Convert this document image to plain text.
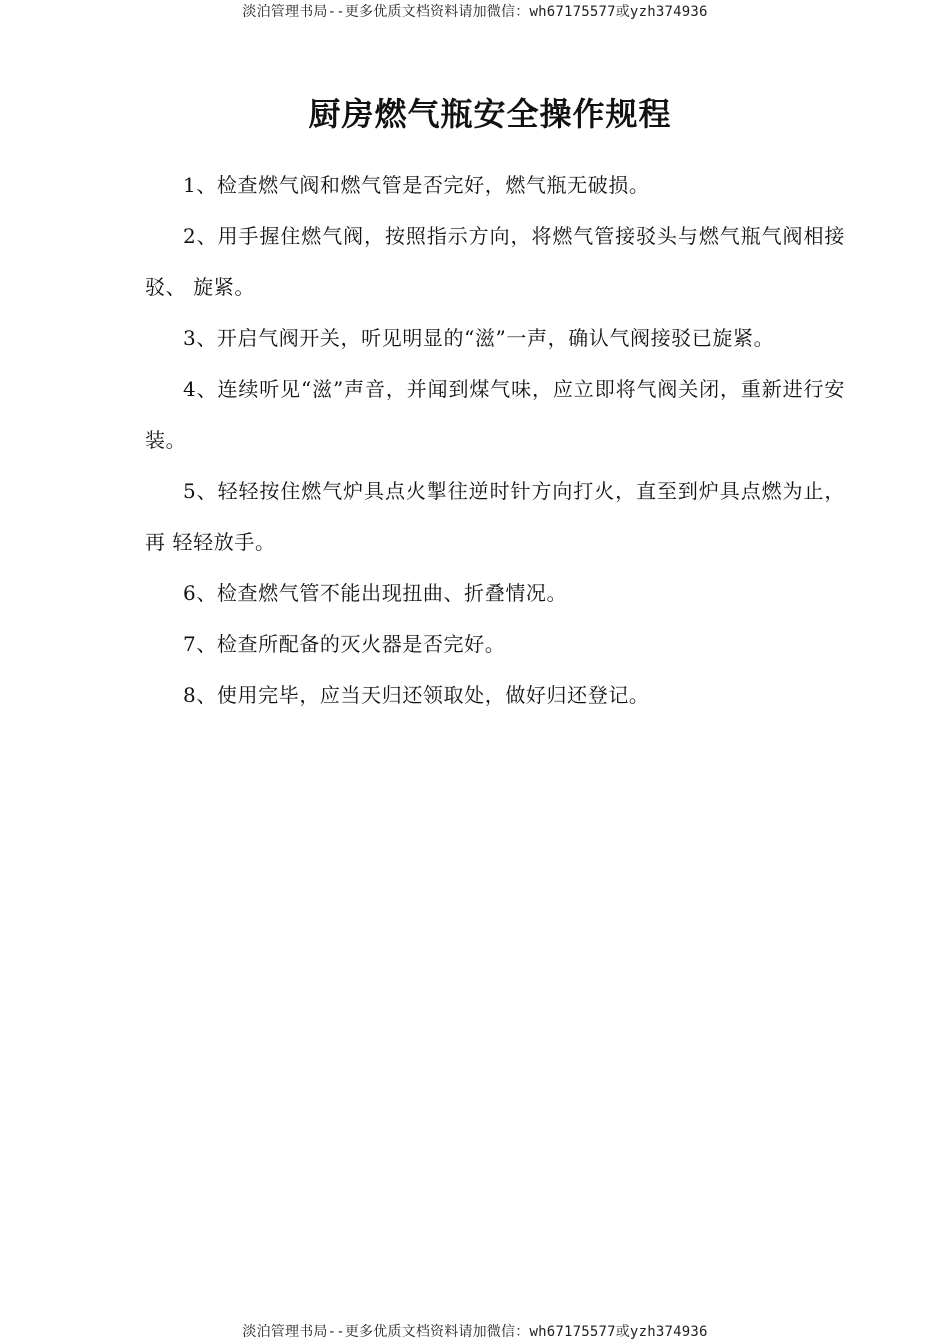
淡泊管理书局--更多优质文档资料请加微信：wh67175577或yzh374936
厨房燃气瓶安全操作规程

1、检查燃气阀和燃气管是否完好，燃气瓶无破损。

2、用手握住燃气阀，按照指示方向，将燃气管接驳头与燃气瓶气阀相接驳、 旋紧。

3、开启气阀开关，听见明显的“滋”一声，确认气阀接驳已旋紧。

4、连续听见“滋”声音，并闻到煤气味，应立即将气阀关闭，重新进行安装。

5、轻轻按住燃气炉具点火掣往逆时针方向打火，直至到炉具点燃为止，再 轻轻放手。

6、检查燃气管不能出现扭曲、折叠情况。

7、检查所配备的灭火器是否完好。

8、使用完毕，应当天归还领取处，做好归还登记。

淡泊管理书局--更多优质文档资料请加微信：wh67175577或yzh374936
